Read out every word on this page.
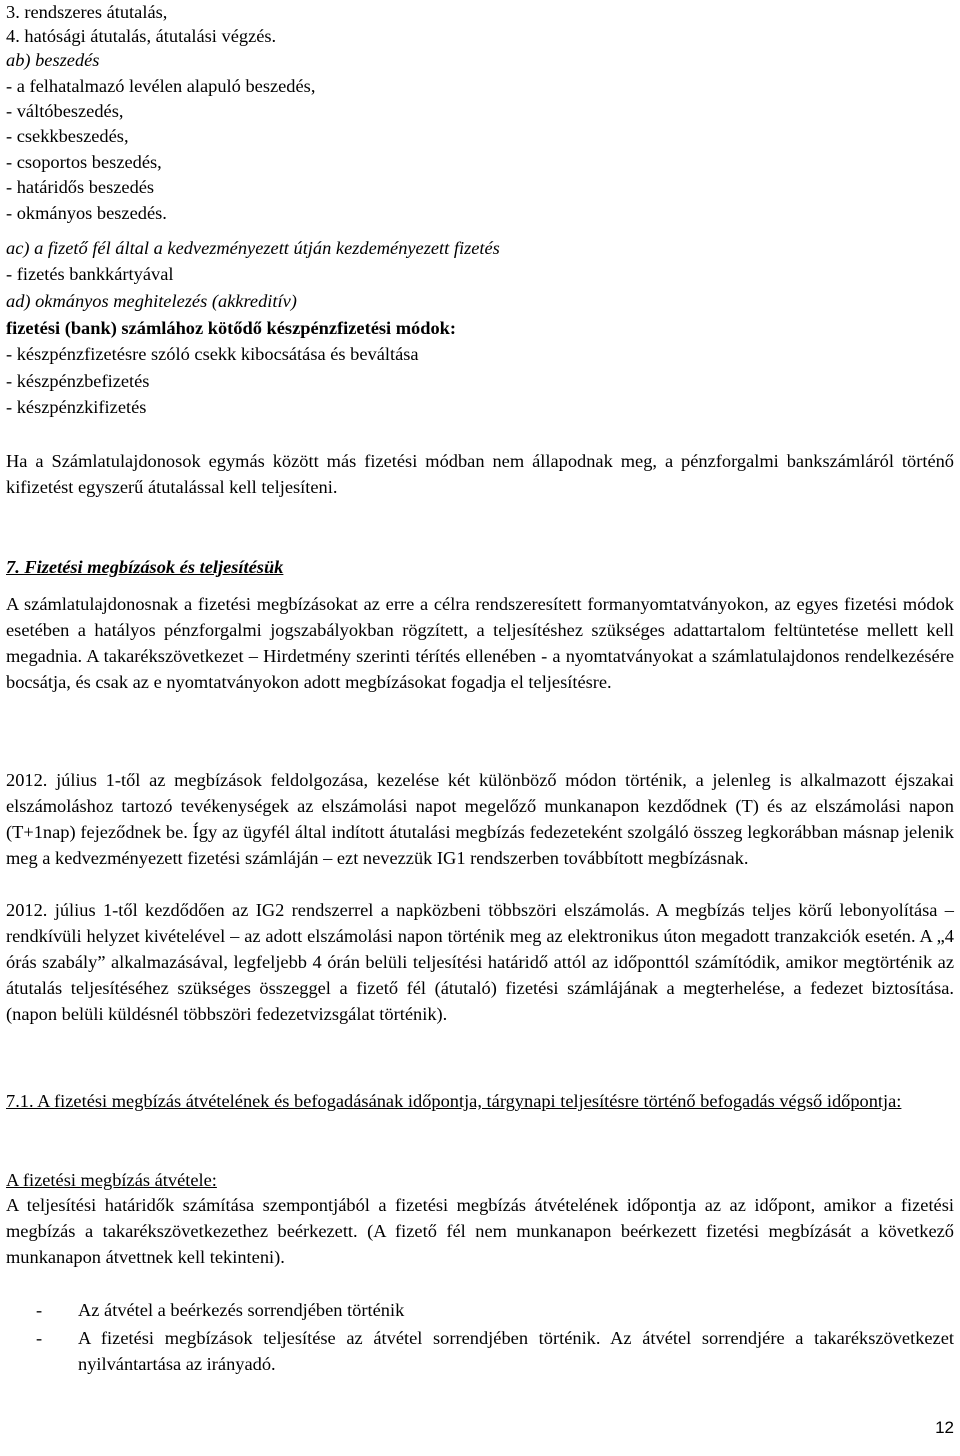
3. rendszeres átutalás,
4. hatósági átutalás, átutalási végzés.
ab) beszedés
- a felhatalmazó levélen alapuló beszedés,
- váltóbeszedés,
- csekkbeszedés,
- csoportos beszedés,
- határidős beszedés
- okmányos beszedés.
ac) a fizető fél által a kedvezményezett útján kezdeményezett fizetés
- fizetés bankkártyával
ad) okmányos meghitelezés (akkreditív)
fizetési (bank) számlához kötődő készpénzfizetési módok:
- készpénzfizetésre szóló csekk kibocsátása és beváltása
- készpénzbefizetés
- készpénzkifizetés
Ha a Számlatulajdonosok egymás között más fizetési módban nem állapodnak meg, a pénzforgalmi bankszámláról történő kifizetést egyszerű átutalással kell teljesíteni.
7. Fizetési megbízások és teljesítésük
A számlatulajdonosnak a fizetési megbízásokat az erre a célra rendszeresített formanyomtatványokon, az egyes fizetési módok esetében a hatályos pénzforgalmi jogszabályokban rögzített, a teljesítéshez szükséges adattartalom feltüntetése mellett kell megadnia. A takarékszövetkezet – Hirdetmény szerinti térítés ellenében - a nyomtatványokat a számlatulajdonos rendelkezésére bocsátja, és csak az e nyomtatványokon adott megbízásokat fogadja el teljesítésre.
2012. július 1-től az megbízások feldolgozása, kezelése két különböző módon történik, a jelenleg is alkalmazott éjszakai elszámoláshoz tartozó tevékenységek az elszámolási napot megelőző munkanapon kezdődnek (T) és az elszámolási napon (T+1nap) fejeződnek be. Így az ügyfél által indított átutalási megbízás fedezeteként szolgáló összeg legkorábban másnap jelenik meg a kedvezményezett fizetési számláján – ezt nevezzük IG1 rendszerben továbbított megbízásnak.
2012. július 1-től kezdődően az IG2 rendszerrel a napközbeni többszöri elszámolás. A megbízás teljes körű lebonyolítása – rendkívüli helyzet kivételével – az adott elszámolási napon történik meg az elektronikus úton megadott tranzakciók esetén. A „4 órás szabály” alkalmazásával, legfeljebb 4 órán belüli teljesítési határidő attól az időponttól számítódik, amikor megtörténik az átutalás teljesítéséhez szükséges összeggel a fizető fél (átutaló) fizetési számlájának a megterhelése, a fedezet biztosítása. (napon belüli küldésnél többszöri fedezetvizsgálat történik).
7.1. A fizetési megbízás átvételének és befogadásának időpontja, tárgynapi teljesítésre történő befogadás végső időpontja:
A fizetési megbízás átvétele:
A teljesítési határidők számítása szempontjából a fizetési megbízás átvételének időpontja az az időpont, amikor a fizetési megbízás a takarékszövetkezethez beérkezett. (A fizető fél nem munkanapon beérkezett fizetési megbízását a következő munkanapon átvettnek kell tekinteni).
- Az átvétel a beérkezés sorrendjében történik
- A fizetési megbízások teljesítése az átvétel sorrendjében történik. Az átvétel sorrendjére a takarékszövetkezet nyilvántartása az irányadó.
12
